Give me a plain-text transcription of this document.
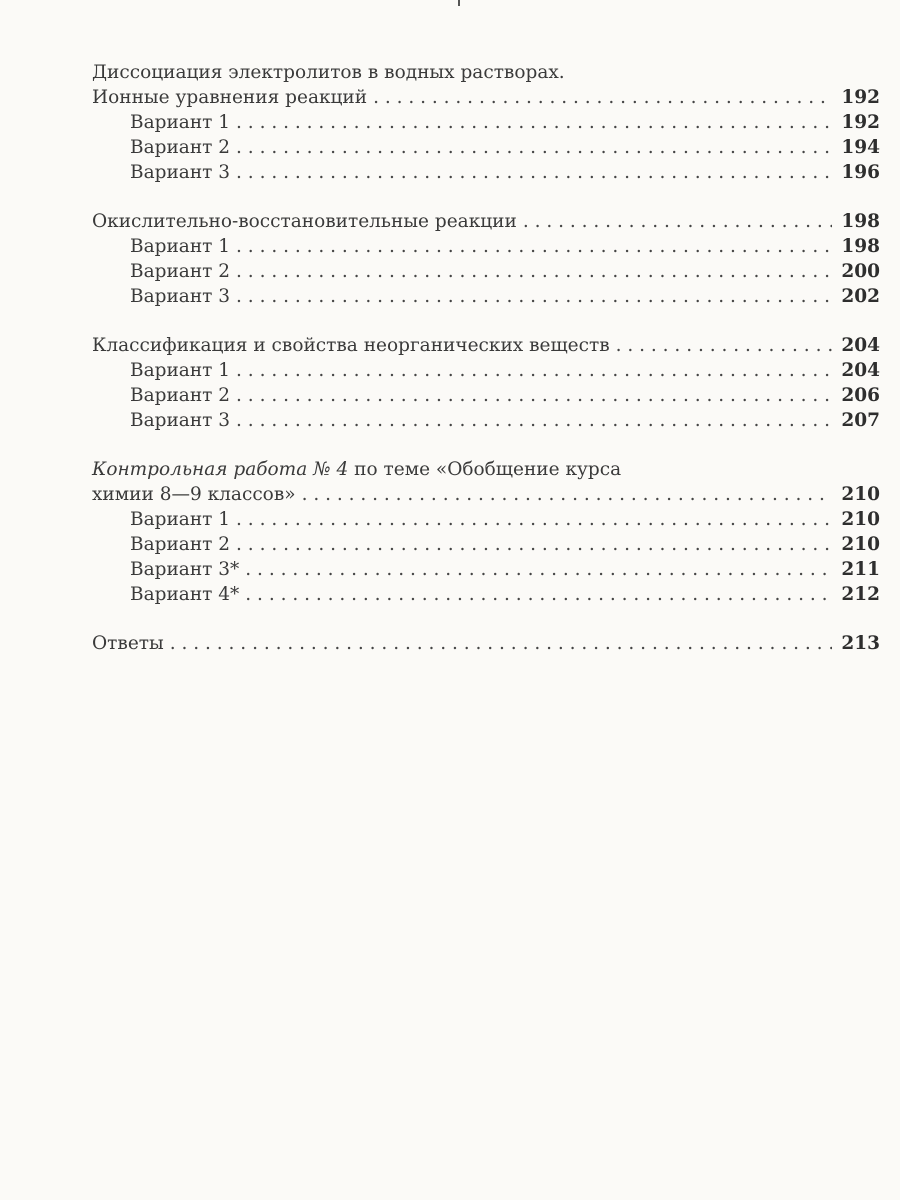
Диссоциация электролитов в водных растворах.
Ионные уравнения реакций . . .	192
Вариант 1 . . .	192
Вариант 2 . . .	194
Вариант 3 . . .	196
Окислительно-восстановительные реакции . . .	198
Вариант 1 . . .	198
Вариант 2 . . .	200
Вариант 3 . . .	202
Классификация и свойства неорганических веществ . . .	204
Вариант 1 . . .	204
Вариант 2 . . .	206
Вариант 3 . . .	207
Контрольная работа № 4 по теме «Обобщение курса
химии 8—9 классов» . . .	210
Вариант 1 . . .	210
Вариант 2 . . .	210
Вариант 3* . . .	211
Вариант 4* . . .	212
Ответы . . .	213
